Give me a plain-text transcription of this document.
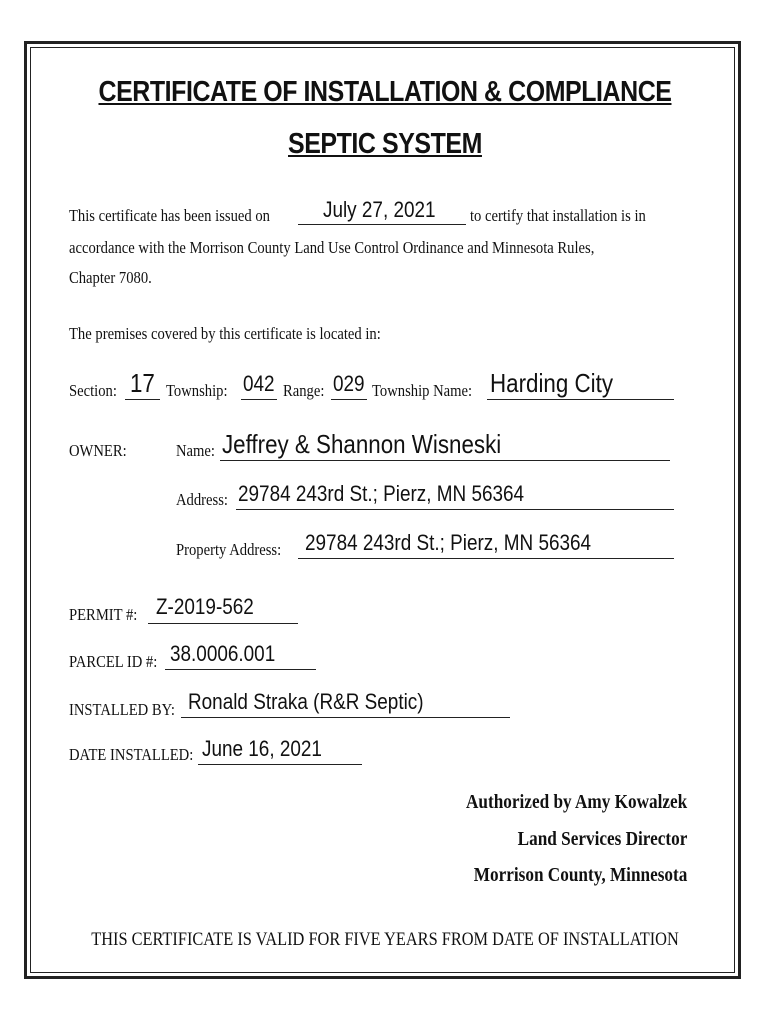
CERTIFICATE OF INSTALLATION & COMPLIANCE
SEPTIC SYSTEM
This certificate has been issued on July 27, 2021 to certify that installation is in
accordance with the Morrison County Land Use Control Ordinance and Minnesota Rules,
Chapter 7080.
The premises covered by this certificate is located in:
Section: 17 Township: 042 Range: 029 Township Name: Harding City
OWNER:	Name: Jeffrey & Shannon Wisneski
Address: 29784 243rd St.; Pierz, MN 56364
Property Address: 29784 243rd St.; Pierz, MN 56364
PERMIT #: Z-2019-562
PARCEL ID #: 38.0006.001
INSTALLED BY: Ronald Straka (R&R Septic)
DATE INSTALLED: June 16, 2021
Authorized by Amy Kowalzek
Land Services Director
Morrison County, Minnesota
THIS CERTIFICATE IS VALID FOR FIVE YEARS FROM DATE OF INSTALLATION
